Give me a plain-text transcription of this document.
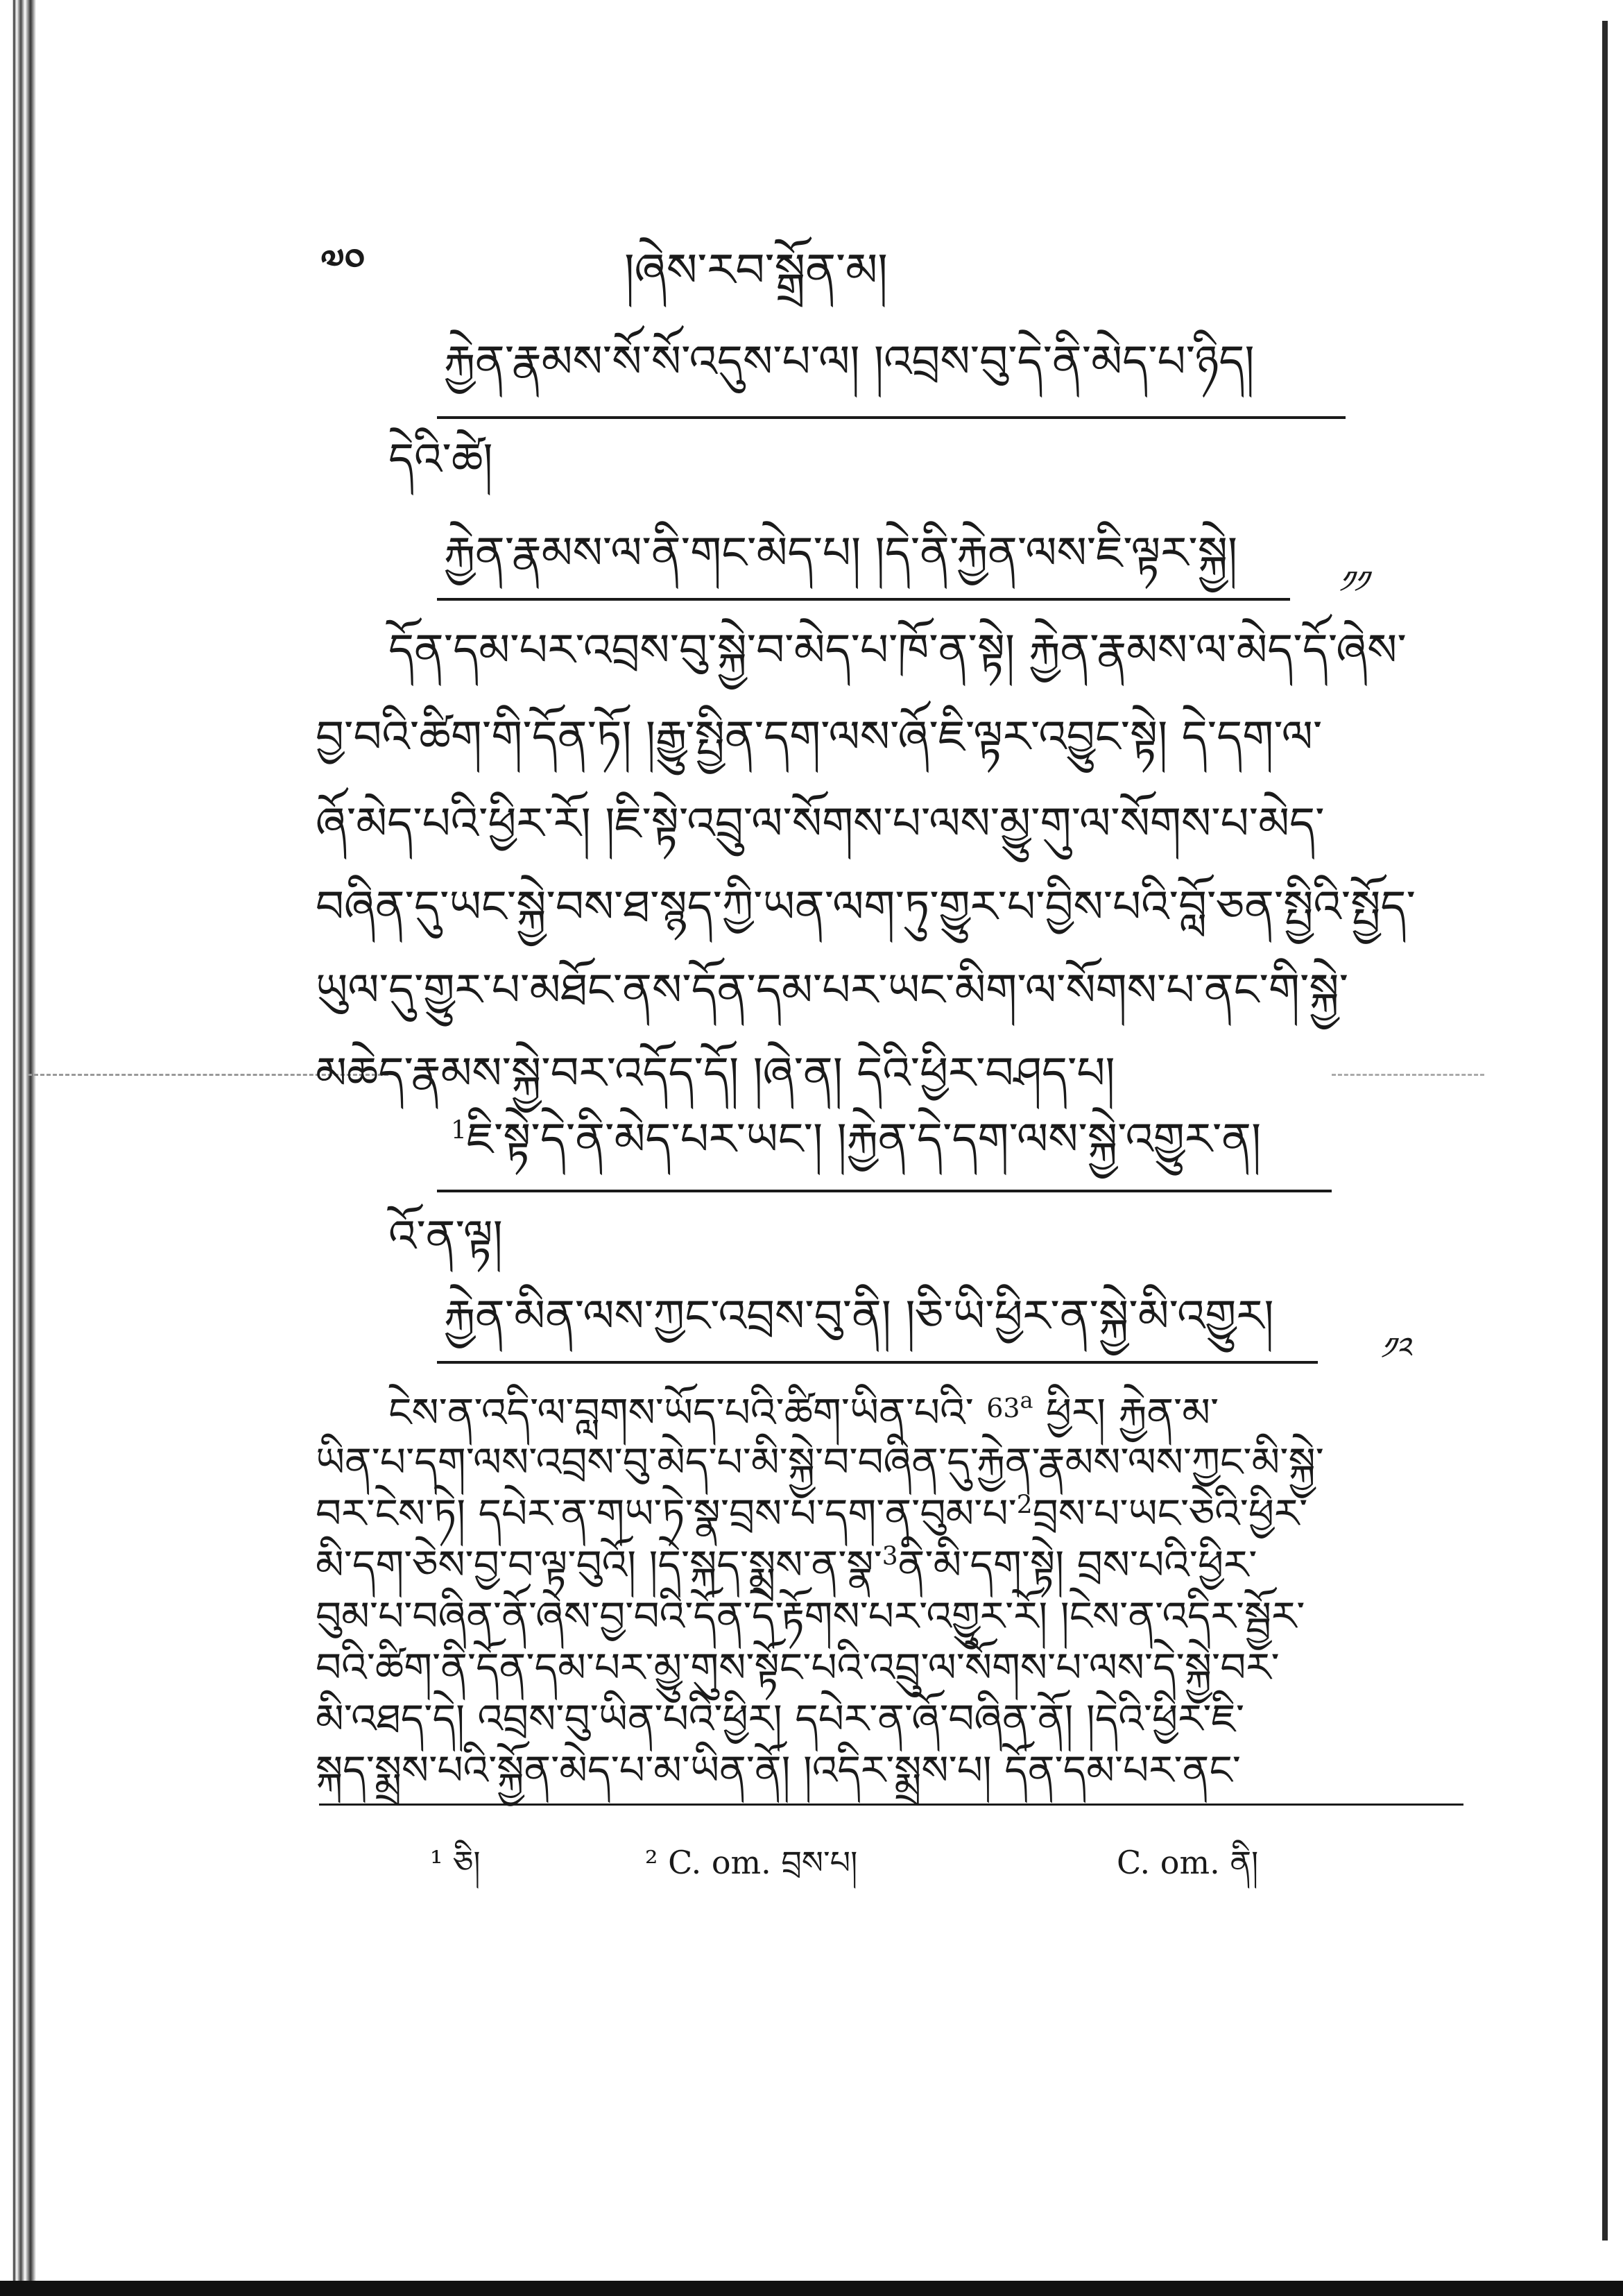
༧༠	།ཞེས་རབ་སྒྲོན་མ།
རྐྱེན་རྣམས་སོ་སོ་འདུས་པ་ལ། །འབྲས་བུ་དེ་ནི་མེད་པ་ཉིད།
དེའི་ཚེ།
རྐྱེན་རྣམས་ལ་ནི་གང་མེད་པ། །དེ་ནི་རྐྱེན་ལས་ཇི་ལྟར་སྐྱེ།
༡༡
དོན་དམ་པར་འབྲས་བུ་སྐྱེ་བ་མེད་པ་ཁོ་ན་སྟེ། རྐྱེན་རྣམས་ལ་མེད་དོ་ཞེས་
བྱ་བའི་ཚིག་གི་དོན་ཏོ། །རྒྱུ་སྤྱིན་དག་ལས་ཞོ་ཇི་ལྟར་འབྱུང་སྟེ། དེ་དག་ལ་
ཞོ་མེད་པའི་ཕྱིར་རོ། །ཇི་སྟེ་འབྲུ་ལ་སོགས་པ་ལས་མྱུ་གུ་ལ་སོགས་པ་མེད་
བཞིན་དུ་ཡང་སྐྱེ་བས་ཐ་སྙད་ཀྱི་ཡན་ལག་ཏུ་གྱུར་པ་བྱིས་པའི་བློ་ཅན་སྤྱིའི་སྤྱོད་
ཡུལ་དུ་གྱུར་པ་མཐོང་ནས་དོན་དམ་པར་ཡང་མིག་ལ་སོགས་པ་ནང་གི་སྐྱེ་
མཆེད་རྣམས་སྐྱེ་བར་འདོད་དོ། །ཞེ་ན། དེའི་ཕྱིར་བཤད་པ།
$^1$ཇི་སྟེ་དེ་ནི་མེད་པར་ཡང་། །རྐྱེན་དེ་དག་ལས་སྐྱེ་འགྱུར་ན།
འོ་ན་ལྟ།
རྐྱེན་མིན་ལས་ཀྱང་འབྲས་བུ་ནི། །ཅི་ཡི་ཕྱིར་ན་སྐྱེ་མི་འགྱུར།
༡༢
ངེས་ན་འདི་ལ་བླགས་ཡོད་པའི་ཚིག་ཡིན་པའི་ $^{63^a}$ ཕྱིར། རྐྱེན་མ་
ཡིན་པ་དག་ལས་འབྲས་བུ་མེད་པ་མི་སྐྱེ་བ་བཞིན་དུ་རྐྱེན་རྣམས་ལས་ཀྱང་མི་སྐྱེ་
བར་ངེས་ཏེ། དཔེར་ན་གཡ་ཏེ་སྣ་བྲས་པ་དག་ན་བུམ་པ་$^2$བྲས་པ་ཡང་ཅེའི་ཕྱིར་
མི་དག་ཅེས་བྱ་བ་ལྟ་བུའོ། །དེ་སྐད་སྨྲས་ན་སྣ་$^3$ནི་མི་དག་སྟེ། བྲས་པའི་ཕྱིར་
¹ ཅི།	² C. om. བྲས་པ།	C. om. ནི།
བུམ་པ་བཞིན་ནོ་ཞེས་བྱ་བའི་དོན་དེ་རྟོགས་པར་འགྱུར་རོ། །ངེས་ན་འདིར་སྦྱོར་
བའི་ཚིག་ནི་དོན་དམ་པར་མྱུ་གུས་སྟོང་པའི་འབྲུ་ལ་སོགས་པ་ལས་དེ་སྐྱེ་བར་
མི་འཐད་དེ། འབྲས་བུ་ཡིན་པའི་ཕྱིར། དཔེར་ན་ཞོ་བཞིན་ནོ། །དེའི་ཕྱིར་ཇི་
སྐད་སྨྲས་པའི་སྐྱོན་མེད་པ་མ་ཡིན་ནོ། །འདིར་སྨྲས་པ། དོན་དམ་པར་ནང་
